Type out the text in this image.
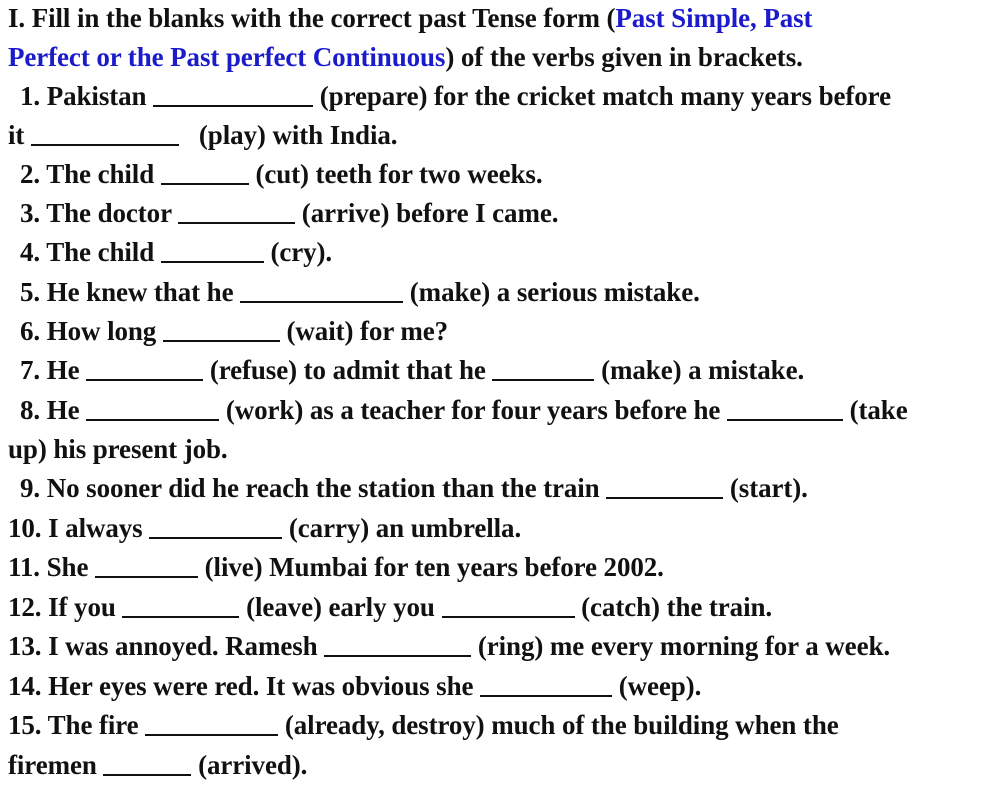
I. Fill in the blanks with the correct past Tense form (Past Simple, Past
Perfect or the Past perfect Continuous) of the verbs given in brackets.
1. Pakistan	(prepare) for the cricket match many years before
it	(play) with India.
2. The child	(cut) teeth for two weeks.
3. The doctor	(arrive) before I came.
4. The child	(cry).
5. He knew that he	(make) a serious mistake.
6. How long	(wait) for me?
7. He	(refuse) to admit that he	(make) a mistake.
8. He	(work) as a teacher for four years before he	(take
up) his present job.
9. No sooner did he reach the station than the train	(start).
10. I always	(carry) an umbrella.
11. She	(live) Mumbai for ten years before 2002.
12. If you	(leave) early you	(catch) the train.
13. I was annoyed. Ramesh	(ring) me every morning for a week.
14. Her eyes were red. It was obvious she	(weep).
15. The fire	(already, destroy) much of the building when the
firemen	(arrived).
